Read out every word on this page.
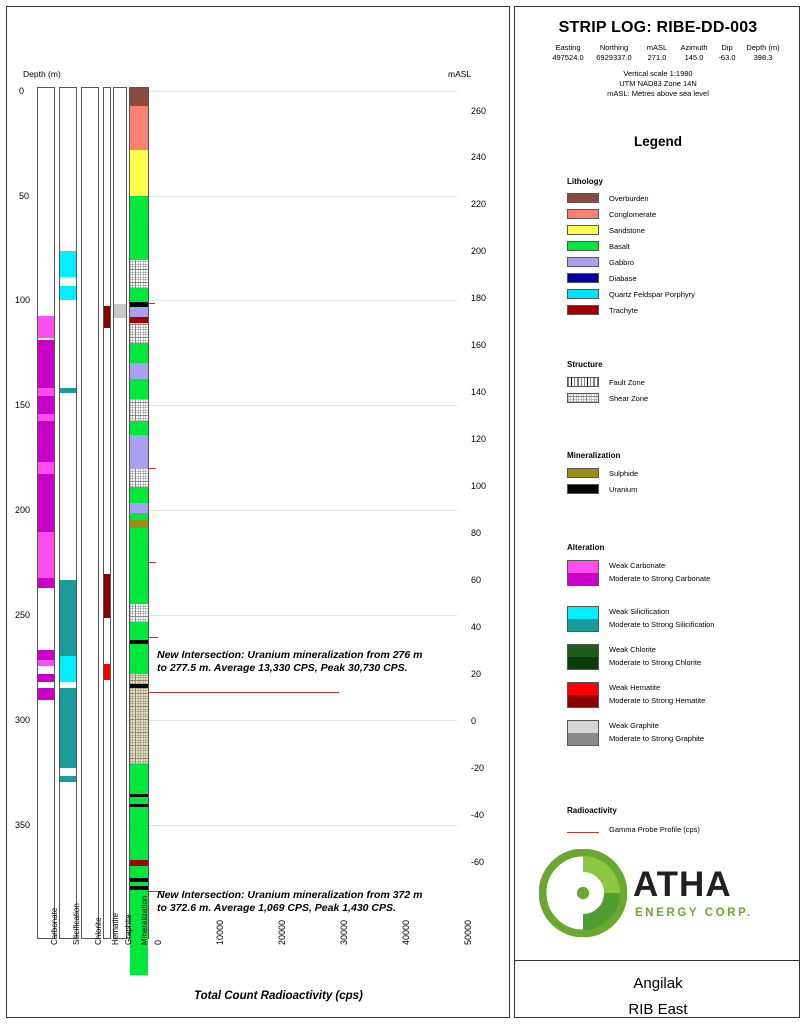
Depth (m)	mASL
0
50
100
150
200
250
300
350
260
240
220
200
180
160
140
120
100
80
60
40
20
0
-20
-40
-60
New Intersection: Uranium mineralization from 276 m
to 277.5 m. Average 13,330 CPS, Peak 30,730 CPS.
New Intersection: Uranium mineralization from 372 m
to 372.6 m. Average 1,069 CPS, Peak 1,430 CPS.
Carbonate Silicification Chlorite Hematite Graphite Mineralization 0	10000	20000	30000	40000	50000
Total Count Radioactivity (cps)
STRIP LOG: RIBE-DD-003
Easting	Northing	mASL	Azimuth	Dip	Depth (m)
497524.0	6929337.0	271.0	145.0	-63.0	398.3
Vertical scale 1:1980
UTM NAD83 Zone 14N
mASL: Metres above sea level
Legend
Lithology
Overburden
Conglomerate
Sandstone
Basalt
Gabbro
Diabase
Quartz Feldspar Porphyry
Trachyte
Structure
Fault Zone
Shear Zone
Mineralization
Sulphide
Uranium
Alteration
Weak Carbonate
Moderate to Strong Carbonate
Weak Silicification
Moderate to Strong Silicification
Weak Chlorite
Moderate to Strong Chlorite
Weak Hematite
Moderate to Strong Hematite
Weak Graphite
Moderate to Strong Graphite
Radioactivity
Gamma Probe Profile (cps)
ATHA
ENERGY CORP.
Angilak
RIB East
